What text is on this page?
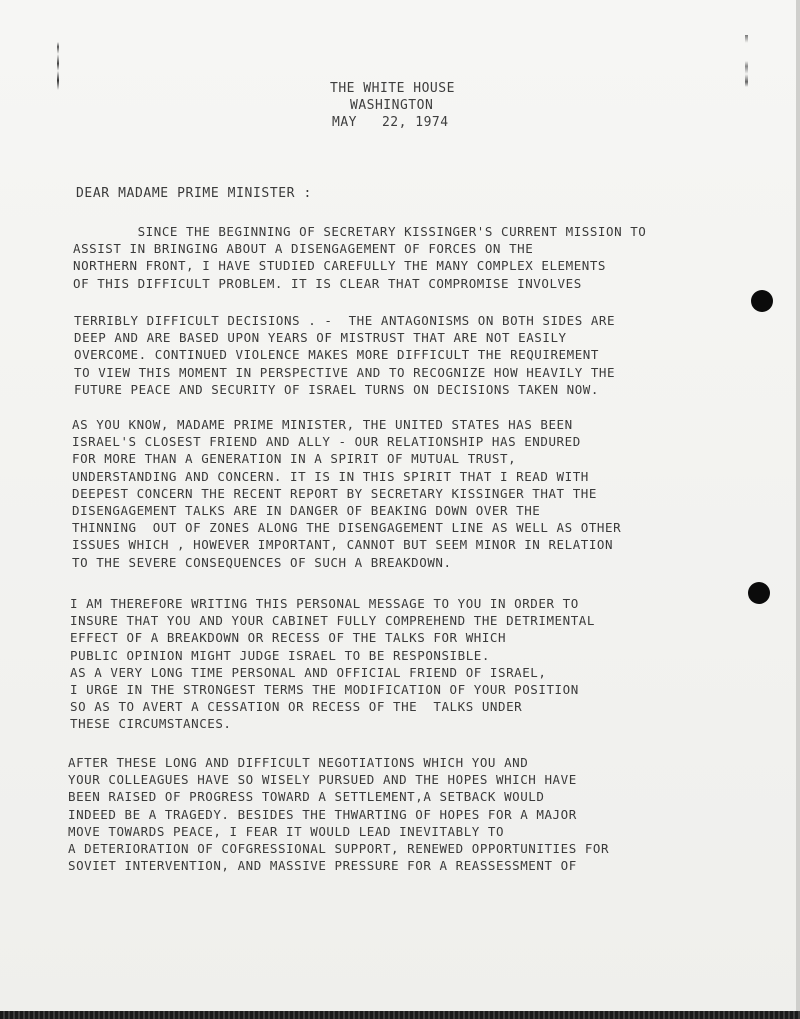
THE WHITE HOUSE
WASHINGTON
MAY   22, 1974
DEAR MADAME PRIME MINISTER :
SINCE THE BEGINNING OF SECRETARY KISSINGER'S CURRENT MISSION TO
ASSIST IN BRINGING ABOUT A DISENGAGEMENT OF FORCES ON THE
NORTHERN FRONT, I HAVE STUDIED CAREFULLY THE MANY COMPLEX ELEMENTS
OF THIS DIFFICULT PROBLEM. IT IS CLEAR THAT COMPROMISE INVOLVES
TERRIBLY DIFFICULT DECISIONS . -  THE ANTAGONISMS ON BOTH SIDES ARE
DEEP AND ARE BASED UPON YEARS OF MISTRUST THAT ARE NOT EASILY
OVERCOME. CONTINUED VIOLENCE MAKES MORE DIFFICULT THE REQUIREMENT
TO VIEW THIS MOMENT IN PERSPECTIVE AND TO RECOGNIZE HOW HEAVILY THE
FUTURE PEACE AND SECURITY OF ISRAEL TURNS ON DECISIONS TAKEN NOW.
AS YOU KNOW, MADAME PRIME MINISTER, THE UNITED STATES HAS BEEN
ISRAEL'S CLOSEST FRIEND AND ALLY - OUR RELATIONSHIP HAS ENDURED
FOR MORE THAN A GENERATION IN A SPIRIT OF MUTUAL TRUST,
UNDERSTANDING AND CONCERN. IT IS IN THIS SPIRIT THAT I READ WITH
DEEPEST CONCERN THE RECENT REPORT BY SECRETARY KISSINGER THAT THE
DISENGAGEMENT TALKS ARE IN DANGER OF BEAKING DOWN OVER THE
THINNING  OUT OF ZONES ALONG THE DISENGAGEMENT LINE AS WELL AS OTHER
ISSUES WHICH , HOWEVER IMPORTANT, CANNOT BUT SEEM MINOR IN RELATION
TO THE SEVERE CONSEQUENCES OF SUCH A BREAKDOWN.
I AM THEREFORE WRITING THIS PERSONAL MESSAGE TO YOU IN ORDER TO
INSURE THAT YOU AND YOUR CABINET FULLY COMPREHEND THE DETRIMENTAL
EFFECT OF A BREAKDOWN OR RECESS OF THE TALKS FOR WHICH
PUBLIC OPINION MIGHT JUDGE ISRAEL TO BE RESPONSIBLE.
AS A VERY LONG TIME PERSONAL AND OFFICIAL FRIEND OF ISRAEL,
I URGE IN THE STRONGEST TERMS THE MODIFICATION OF YOUR POSITION
SO AS TO AVERT A CESSATION OR RECESS OF THE  TALKS UNDER
THESE CIRCUMSTANCES.
AFTER THESE LONG AND DIFFICULT NEGOTIATIONS WHICH YOU AND
YOUR COLLEAGUES HAVE SO WISELY PURSUED AND THE HOPES WHICH HAVE
BEEN RAISED OF PROGRESS TOWARD A SETTLEMENT,A SETBACK WOULD
INDEED BE A TRAGEDY. BESIDES THE THWARTING OF HOPES FOR A MAJOR
MOVE TOWARDS PEACE, I FEAR IT WOULD LEAD INEVITABLY TO
A DETERIORATION OF COFGRESSIONAL SUPPORT, RENEWED OPPORTUNITIES FOR
SOVIET INTERVENTION, AND MASSIVE PRESSURE FOR A REASSESSMENT OF
